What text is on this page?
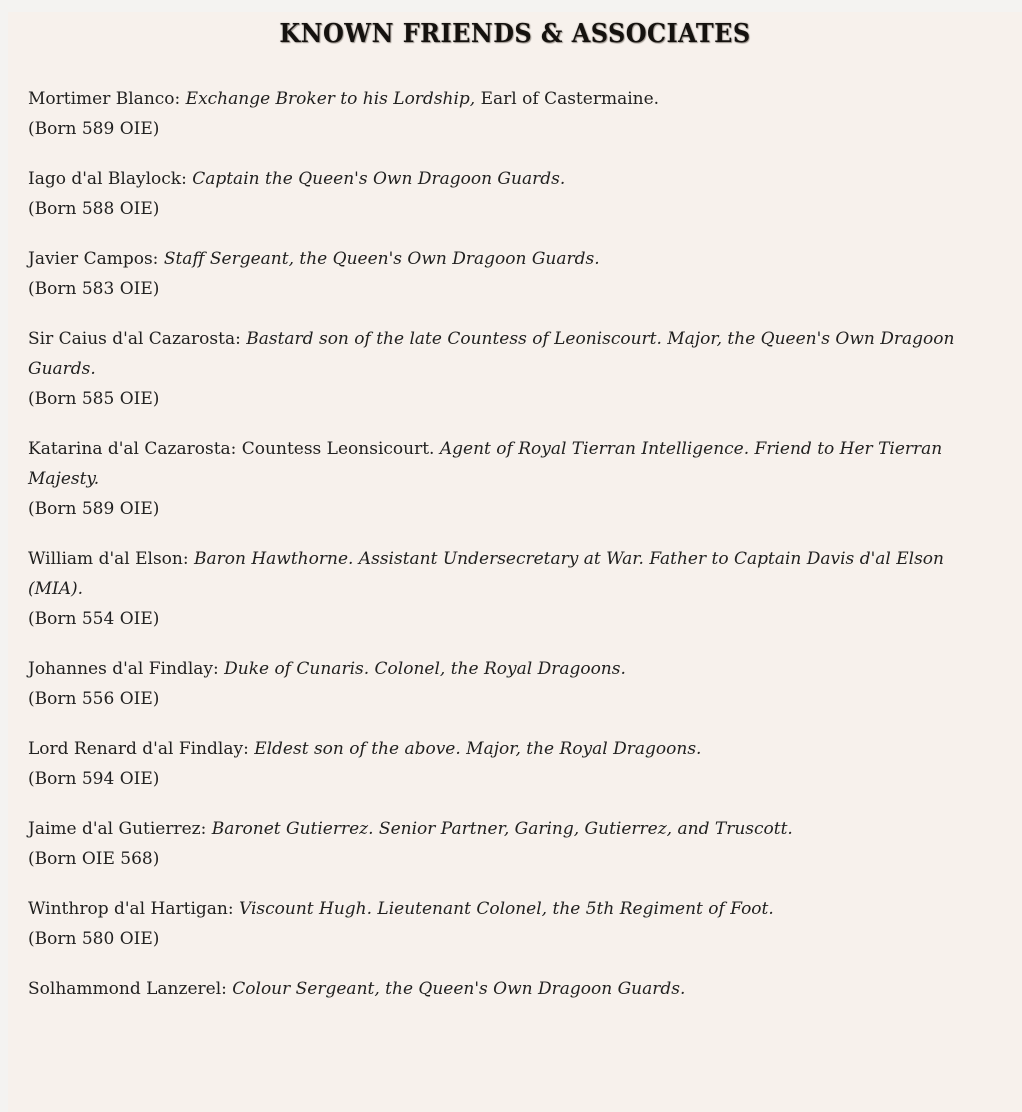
KNOWN FRIENDS & ASSOCIATES

Mortimer Blanco: Exchange Broker to his Lordship, Earl of Castermaine.

(Born 589 OIE)

Iago d'al Blaylock: Captain the Queen's Own Dragoon Guards.

(Born 588 OIE)

Javier Campos: Staff Sergeant, the Queen's Own Dragoon Guards.

(Born 583 OIE)

Sir Caius d'al Cazarosta: Bastard son of the late Countess of Leoniscourt. Major, the Queen's Own Dragoon Guards.

(Born 585 OIE)

Katarina d'al Cazarosta: Countess Leonsicourt. Agent of Royal Tierran Intelligence. Friend to Her Tierran Majesty.

(Born 589 OIE)

William d'al Elson: Baron Hawthorne. Assistant Undersecretary at War. Father to Captain Davis d'al Elson (MIA).

(Born 554 OIE)

Johannes d'al Findlay: Duke of Cunaris. Colonel, the Royal Dragoons.

(Born 556 OIE)

Lord Renard d'al Findlay: Eldest son of the above. Major, the Royal Dragoons.

(Born 594 OIE)

Jaime d'al Gutierrez: Baronet Gutierrez. Senior Partner, Garing, Gutierrez, and Truscott.

(Born OIE 568)

Winthrop d'al Hartigan: Viscount Hugh. Lieutenant Colonel, the 5th Regiment of Foot.

(Born 580 OIE)

Solhammond Lanzerel: Colour Sergeant, the Queen's Own Dragoon Guards.
